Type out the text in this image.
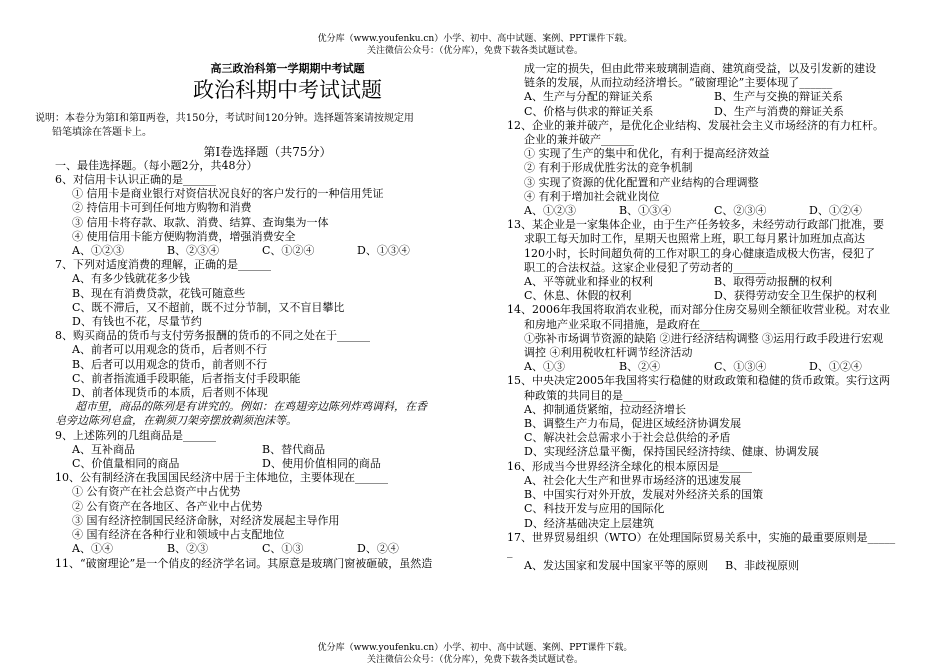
优分库（www.youfenku.cn）小学、初中、高中试题、案例、PPT课件下载。
关注微信公众号：（优分库），免费下载各类试题试卷。
高三政治科第一学期期中考试题
政治科期中考试试题
说明：本卷分为第Ⅰ和第Ⅱ两卷，共150分，考试时间120分钟。选择题答案请按规定用
铅笔填涂在答题卡上。
第Ⅰ卷选择题（共75分）
一、最佳选择题。（每小题2分，共48分）
6、对信用卡认识正确的是______
① 信用卡是商业银行对资信状况良好的客户发行的一种信用凭证
② 持信用卡可到任何地方购物和消费
③ 信用卡将存款、取款、消费、结算、查询集为一体
④ 使用信用卡能方便购物消费，增强消费安全
A、①②③	B、②③④	C、①②④	D、①③④
7、下列对适度消费的理解，正确的是______
A、有多少钱就花多少钱
B、现在有消费贷款，花钱可随意些
C、既不滞后，又不超前，既不过分节制，又不盲目攀比
D、有钱也不花，尽量节约
8、购买商品的货币与支付劳务报酬的货币的不同之处在于______
A、前者可以用观念的货币，后者则不行
B、后者可以用观念的货币，前者则不行
C、前者指流通手段职能，后者指支付手段职能
D、前者体现货币的本质，后者则不体现
超市里，商品的陈列是有讲究的。例如：在鸡翅旁边陈列炸鸡调料，在香
皂旁边陈列皂盒，在剃须刀架旁摆放剃须泡沫等。
9、上述陈列的几组商品是______
A、互补商品	B、替代商品
C、价值量相同的商品	D、使用价值相同的商品
10、公有制经济在我国国民经济中居于主体地位，主要体现在______
① 公有资产在社会总资产中占优势
② 公有资产在各地区、各产业中占优势
③ 国有经济控制国民经济命脉，对经济发展起主导作用
④ 国有经济在各种行业和领域中占支配地位
A、①④	B、②③	C、①③	D、②④
11、“破窗理论”是一个俏皮的经济学名词。其原意是玻璃门窗被砸破，虽然造
成一定的损失，但由此带来玻璃制造商、建筑商受益，以及引发新的建设
链条的发展，从而拉动经济增长。“破窗理论”主要体现了______
A、生产与分配的辩证关系	B、生产与交换的辩证关系
C、价格与供求的辩证关系	D、生产与消费的辩证关系
12、企业的兼并破产，是优化企业结构、发展社会主义市场经济的有力杠杆。
企业的兼并破产______
① 实现了生产的集中和优化，有利于提高经济效益
② 有利于形成优胜劣汰的竞争机制
③ 实现了资源的优化配置和产业结构的合理调整
④ 有利于增加社会就业岗位
A、①②③	B、①③④	C、②③④	D、①②④
13、某企业是一家集体企业，由于生产任务较多，未经劳动行政部门批准，要
求职工每天加时工作，星期天也照常上班，职工每月累计加班加点高达
120小时，长时间超负荷的工作对职工的身心健康造成极大伤害，侵犯了
职工的合法权益。这家企业侵犯了劳动者的______
A、平等就业和择业的权利	B、取得劳动报酬的权利
C、休息、休假的权利	D、获得劳动安全卫生保护的权利
14、2006年我国将取消农业税，而对部分住房交易则全额征收营业税。对农业
和房地产业采取不同措施，是政府在______
①弥补市场调节资源的缺陷 ②进行经济结构调整 ③运用行政手段进行宏观
调控 ④利用税收杠杆调节经济活动
A、①③	B、②④	C、①③④	D、①②④
15、中央决定2005年我国将实行稳健的财政政策和稳健的货币政策。实行这两
种政策的共同目的是______
A、抑制通货紧缩，拉动经济增长
B、调整生产力布局，促进区域经济协调发展
C、解决社会总需求小于社会总供给的矛盾
D、实现经济总量平衡，保持国民经济持续、健康、协调发展
16、形成当今世界经济全球化的根本原因是______
A、社会化大生产和世界市场经济的迅速发展
B、中国实行对外开放，发展对外经济关系的国策
C、科技开发与应用的国际化
D、经济基础决定上层建筑
17、世界贸易组织（WTO）在处理国际贸易关系中，实施的最重要原则是_____
_
A、发达国家和发展中国家平等的原则	B、非歧视原则
优分库（www.youfenku.cn）小学、初中、高中试题、案例、PPT课件下载。
关注微信公众号：（优分库），免费下载各类试题试卷。
